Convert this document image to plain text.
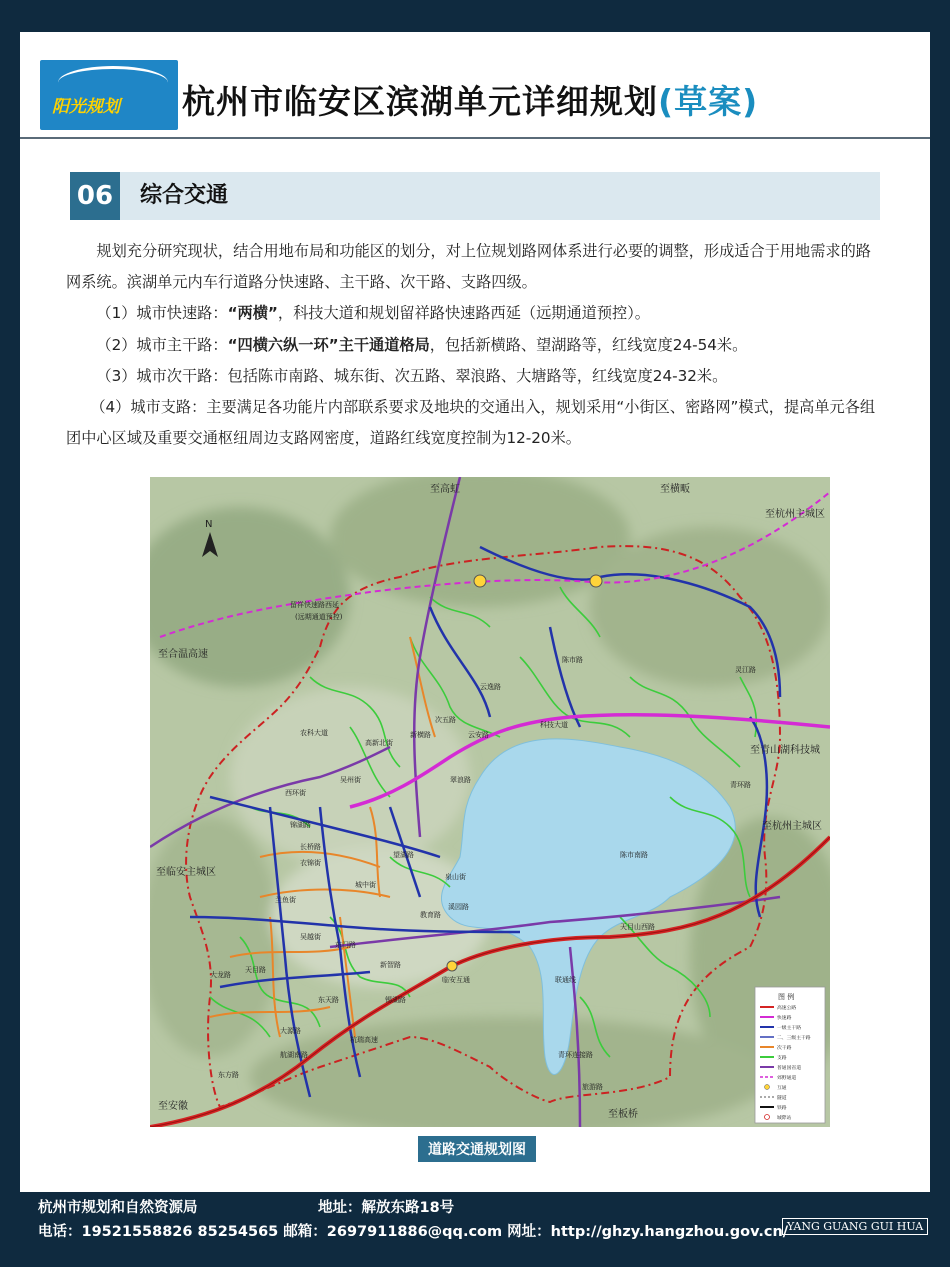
阳光规划 杭州市临安区滨湖单元详细规划(草案)
06	综合交通

规划充分研究现状，结合用地布局和功能区的划分，对上位规划路网体系进行必要的调整，形成适合于用地需求的路网系统。滨湖单元内车行道路分快速路、主干路、次干路、支路四级。

（1）城市快速路：“两横”，科技大道和规划留祥路快速路西延（远期通道预控）。

（2）城市主干路：“四横六纵一环”主干通道格局，包括新横路、望湖路等，红线宽度24-54米。

（3）城市次干路：包括陈市南路、城东街、次五路、翠浪路、大塘路等，红线宽度24-32米。

（4）城市支路：主要满足各功能片内部联系要求及地块的交通出入，规划采用“小街区、密路网”模式，提高单元各组团中心区域及重要交通枢纽周边支路网密度，道路红线宽度控制为12-20米。

N
至高虹	至横畈
至杭州主城区
至合温高速
至青山湖科技城
至杭州主城区
至临安主城区
至安徽
至板桥
留祥快速路西延
(远期通道预控)
科技大道
陈市路
陈市南路
云逸路
次五路
云安路
新横路
高新北街
农科大道
翠浪路
西环街
吴州街
锦湖路
望湖路
泉山街
溪园路
天目山西路
长桥路
衣锦街
城中街
兰鱼街
吴越街
东门路
联通线
临安互通
杭瑞高速
大龙路
天目路
大源路
东天路	锡湖路
青环路
灵江路
新智路
航湖南路	青环连接路
旅游路
东方路
教育路
图 例
高速公路
快速路
一级主干路
二、三级主干路
次干路
支路
普通国省道
郊野通道
互通
隧道
铁路
城際站
道路交通规划图
杭州市规划和自然资源局	地址：解放东路18号
电话：19521558826 85254565 邮箱：2697911886@qq.com 网址：http://ghzy.hangzhou.gov.cn/
YANG GUANG GUI HUA
